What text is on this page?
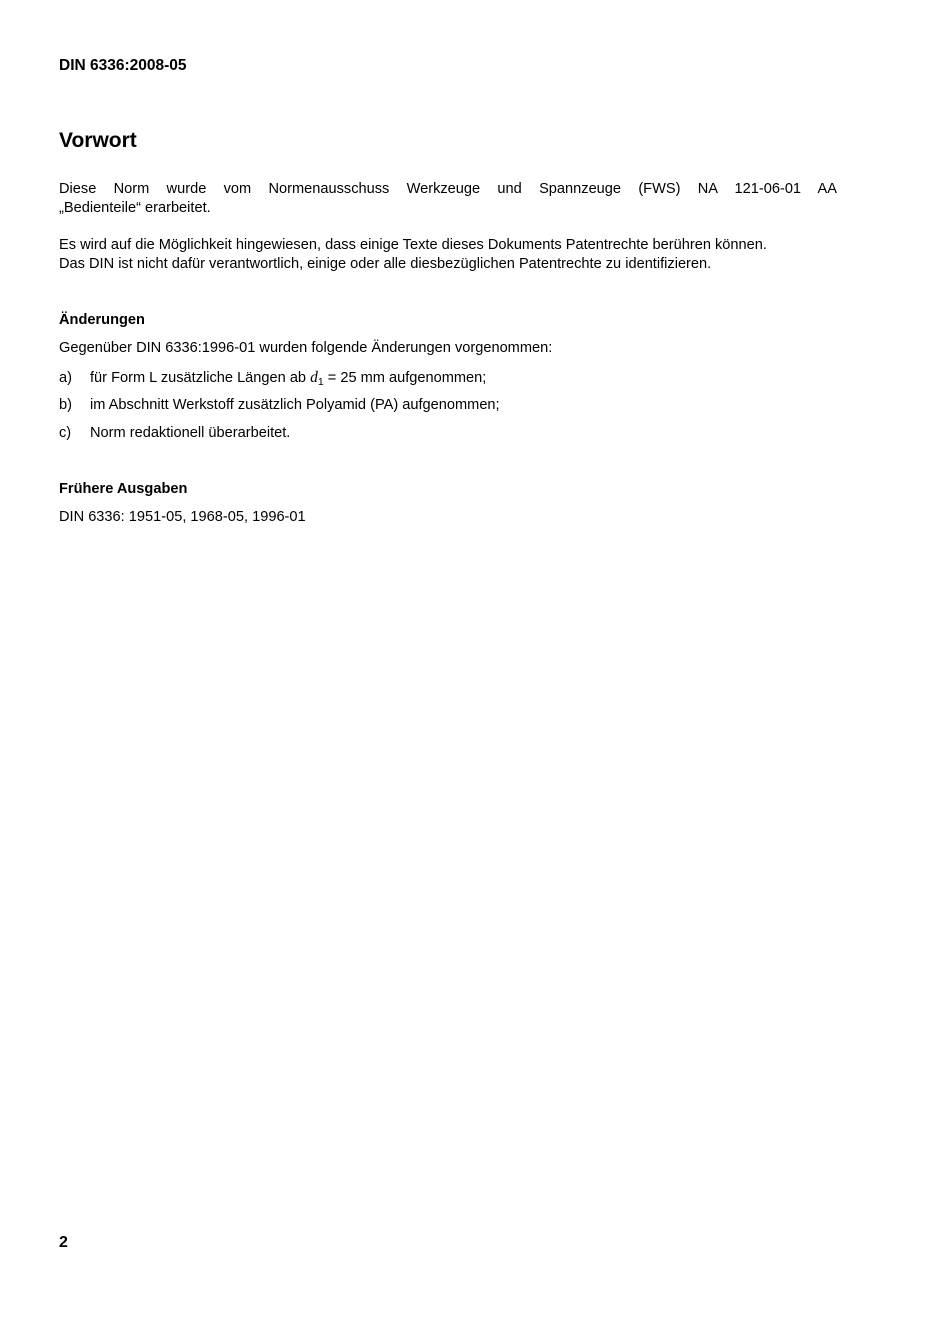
DIN 6336:2008-05
Vorwort

Diese Norm wurde vom Normenausschuss Werkzeuge und Spannzeuge (FWS) NA 121-06-01 AA
„Bedienteile“ erarbeitet.

Es wird auf die Möglichkeit hingewiesen, dass einige Texte dieses Dokuments Patentrechte berühren können.
Das DIN ist nicht dafür verantwortlich, einige oder alle diesbezüglichen Patentrechte zu identifizieren.

Änderungen
Gegenüber DIN 6336:1996-01 wurden folgende Änderungen vorgenommen:
a) für Form L zusätzliche Längen ab $d_1 = 25$ mm aufgenommen;
b) im Abschnitt Werkstoff zusätzlich Polyamid (PA) aufgenommen;
c) Norm redaktionell überarbeitet.
Frühere Ausgaben
DIN 6336: 1951-05, 1968-05, 1996-01
2
